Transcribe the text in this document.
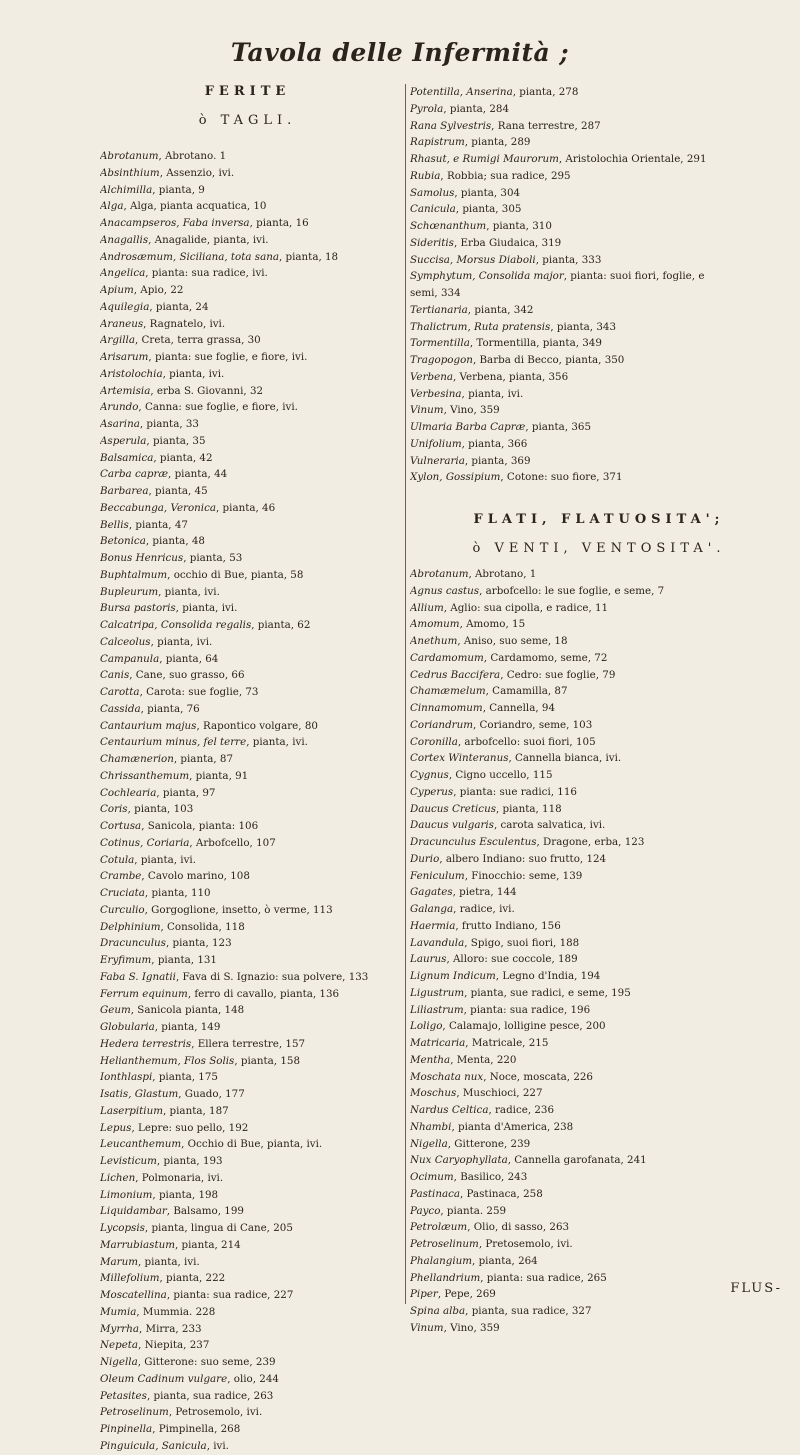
Tavola delle Infermità ;
FERITE
ò TAGLI.
Abrotanum, Abrotano. 1
Absinthium, Assenzio, ivi.
Alchimilla, pianta, 9
Alga, Alga, pianta acquatica, 10
Anacampseros, Faba inversa, pianta, 16
Anagallis, Anagalide, pianta, ivi.
Androsæmum, Siciliana, tota sana, pianta, 18
Angelica, pianta: sua radice, ivi.
Apium, Apio, 22
Aquilegia, pianta, 24
Araneus, Ragnatelo, ivi.
Argilla, Creta, terra grassa, 30
Arisarum, pianta: sue foglie, e fiore, ivi.
Aristolochia, pianta, ivi.
Artemisia, erba S. Giovanni, 32
Arundo, Canna: sue foglie, e fiore, ivi.
Asarina, pianta, 33
Asperula, pianta, 35
Balsamica, pianta, 42
Carba capræ, pianta, 44
Barbarea, pianta, 45
Beccabunga, Veronica, pianta, 46
Bellis, pianta, 47
Betonica, pianta, 48
Bonus Henricus, pianta, 53
Buphtalmum, occhio di Bue, pianta, 58
Bupleurum, pianta, ivi.
Bursa pastoris, pianta, ivi.
Calcatripa, Consolida regalis, pianta, 62
Calceolus, pianta, ivi.
Campanula, pianta, 64
Canis, Cane, suo grasso, 66
Carotta, Carota: sue foglie, 73
Cassida, pianta, 76
Cantaurium majus, Rapontico volgare, 80
Centaurium minus, fel terre, pianta, ivi.
Chamænerion, pianta, 87
Chrissanthemum, pianta, 91
Cochlearia, pianta, 97
Coris, pianta, 103
Cortusa, Sanicola, pianta: 106
Cotinus, Coriaria, Arbofcello, 107
Cotula, pianta, ivi.
Crambe, Cavolo marino, 108
Cruciata, pianta, 110
Curculio, Gorgoglione, insetto, ò verme, 113
Delphinium, Consolida, 118
Dracunculus, pianta, 123
Eryfimum, pianta, 131
Faba S. Ignatii, Fava di S. Ignazio: sua polvere, 133
Ferrum equinum, ferro di cavallo, pianta, 136
Geum, Sanicola pianta, 148
Globularia, pianta, 149
Hedera terrestris, Ellera terrestre, 157
Helianthemum, Flos Solis, pianta, 158
Ionthlaspi, pianta, 175
Isatis, Glastum, Guado, 177
Laserpitium, pianta, 187
Lepus, Lepre: suo pello, 192
Leucanthemum, Occhio di Bue, pianta, ivi.
Levisticum, pianta, 193
Lichen, Polmonaria, ivi.
Limonium, pianta, 198
Liquidambar, Balsamo, 199
Lycopsis, pianta, lingua di Cane, 205
Marrubiastum, pianta, 214
Marum, pianta, ivi.
Millefolium, pianta, 222
Moscatellina, pianta: sua radice, 227
Mumia, Mummia. 228
Myrrha, Mirra, 233
Nepeta, Niepita, 237
Nigella, Gitterone: suo seme, 239
Oleum Cadinum vulgare, olio, 244
Petasites, pianta, sua radice, 263
Petroselinum, Petrosemolo, ivi.
Pinpinella, Pimpinella, 268
Pinguicula, Sanicula, ivi.
Potentilla, Anserina, pianta, 278
Pyrola, pianta, 284
Rana Sylvestris, Rana terrestre, 287
Rapistrum, pianta, 289
Rhasut, e Rumigi Maurorum, Aristolochia Orientale, 291
Rubia, Robbia; sua radice, 295
Samolus, pianta, 304
Canicula, pianta, 305
Schœnanthum, pianta, 310
Sideritis, Erba Giudaica, 319
Succisa, Morsus Diaboli, pianta, 333
Symphytum, Consolida major, pianta: suoi fiori, foglie, e
semi, 334
Tertianaria, pianta, 342
Thalictrum, Ruta pratensis, pianta, 343
Tormentilla, Tormentilla, pianta, 349
Tragopogon, Barba di Becco, pianta, 350
Verbena, Verbena, pianta, 356
Verbesina, pianta, ivi.
Vinum, Vino, 359
Ulmaria Barba Capræ, pianta, 365
Unifolium, pianta, 366
Vulneraria, pianta, 369
Xylon, Gossipium, Cotone: suo fiore, 371
FLATI, FLATUOSITA';
ò VENTI, VENTOSITA'.
Abrotanum, Abrotano, 1
Agnus castus, arbofcello: le sue foglie, e seme, 7
Allium, Aglio: sua cipolla, e radice, 11
Amomum, Amomo, 15
Anethum, Aniso, suo seme, 18
Cardamomum, Cardamomo, seme, 72
Cedrus Baccifera, Cedro: sue foglie, 79
Chamæmelum, Camamilla, 87
Cinnamomum, Cannella, 94
Coriandrum, Coriandro, seme, 103
Coronilla, arbofcello: suoi fiori, 105
Cortex Winteranus, Cannella bianca, ivi.
Cygnus, Cigno uccello, 115
Cyperus, pianta: sue radici, 116
Daucus Creticus, pianta, 118
Daucus vulgaris, carota salvatica, ivi.
Dracunculus Esculentus, Dragone, erba, 123
Durio, albero Indiano: suo frutto, 124
Feniculum, Finocchio: seme, 139
Gagates, pietra, 144
Galanga, radice, ivi.
Haermia, frutto Indiano, 156
Lavandula, Spigo, suoi fiori, 188
Laurus, Alloro: sue coccole, 189
Lignum Indicum, Legno d'India, 194
Ligustrum, pianta, sue radici, e seme, 195
Liliastrum, pianta: sua radice, 196
Loligo, Calamajo, lolligine pesce, 200
Matricaria, Matricale, 215
Mentha, Menta, 220
Moschata nux, Noce, moscata, 226
Moschus, Muschioci, 227
Nardus Celtica, radice, 236
Nhambi, pianta d'America, 238
Nigella, Gitterone, 239
Nux Caryophyllata, Cannella garofanata, 241
Ocimum, Basilico, 243
Pastinaca, Pastinaca, 258
Payco, pianta. 259
Petrolæum, Olio, di sasso, 263
Petroselinum, Pretosemolo, ivi.
Phalangium, pianta, 264
Phellandrium, pianta: sua radice, 265
Piper, Pepe, 269
Spina alba, pianta, sua radice, 327
Vinum, Vino, 359
FLUS-
